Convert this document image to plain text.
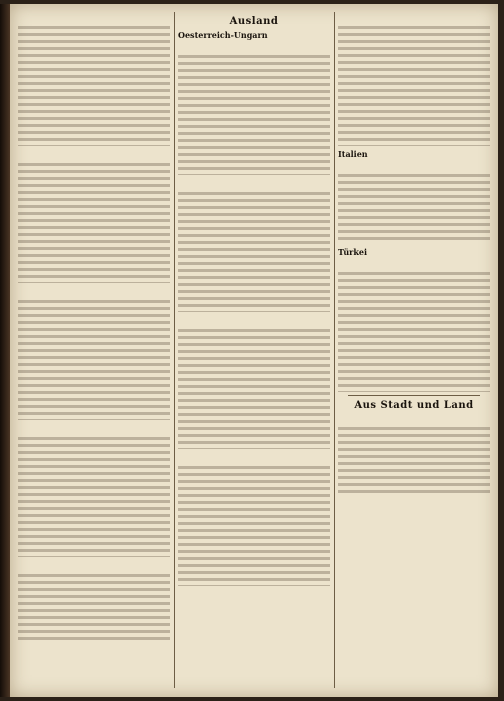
Ausland
Oesterreich-Ungarn
Italien
Türkei
Aus Stadt und Land
